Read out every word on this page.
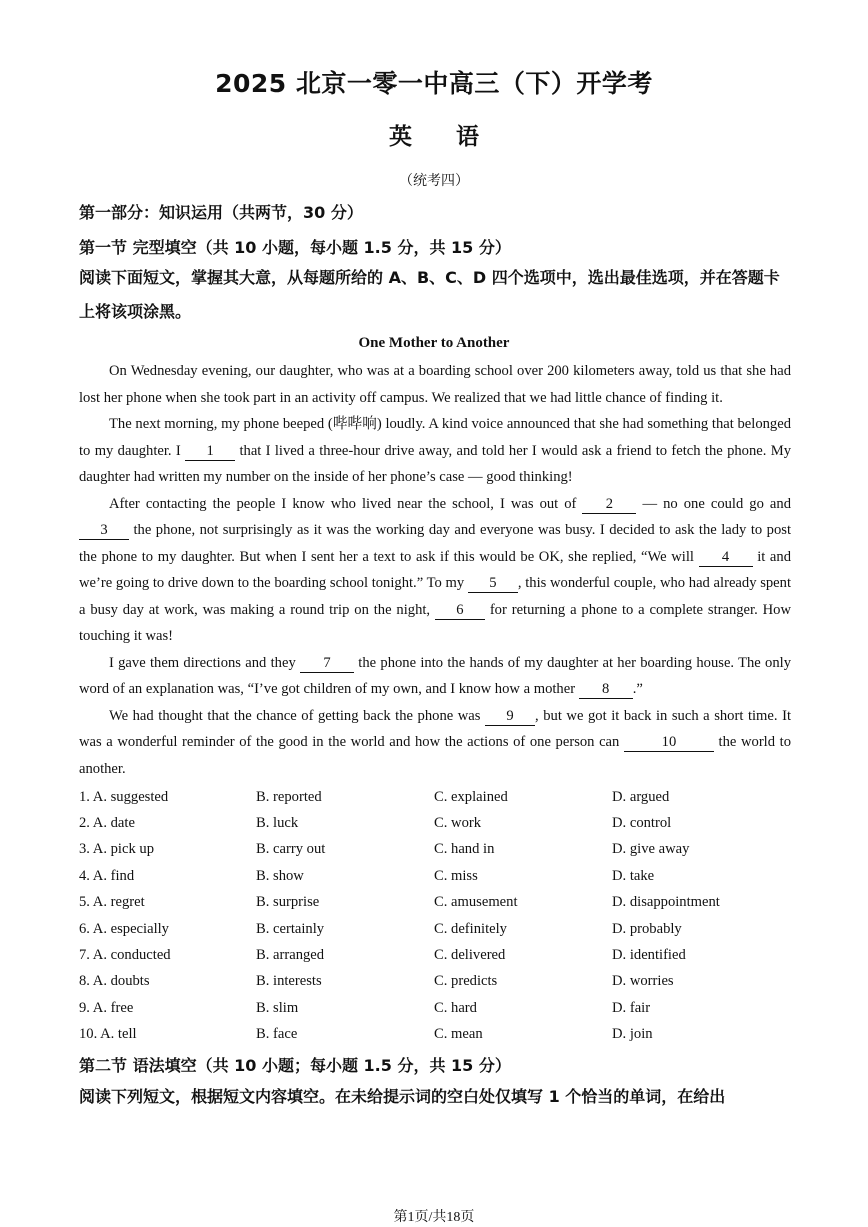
2025 北京一零一中高三（下）开学考
英 语
（统考四）
第一部分：知识运用（共两节，30 分）
第一节 完型填空（共 10 小题，每小题 1.5 分，共 15 分）
阅读下面短文，掌握其大意，从每题所给的 A、B、C、D 四个选项中，选出最佳选项，并在答题卡上将该项涂黑。
One Mother to Another

On Wednesday evening, our daughter, who was at a boarding school over 200 kilometers away, told us that she had lost her phone when she took part in an activity off campus. We realized that we had little chance of finding it.

The next morning, my phone beeped (哔哔响) loudly. A kind voice announced that she had something that belonged to my daughter. I 1 that I lived a three-hour drive away, and told her I would ask a friend to fetch the phone. My daughter had written my number on the inside of her phone’s case — good thinking!

After contacting the people I know who lived near the school, I was out of 2 — no one could go and 3 the phone, not surprisingly as it was the working day and everyone was busy. I decided to ask the lady to post the phone to my daughter. But when I sent her a text to ask if this would be OK, she replied, “We will 4 it and we’re going to drive down to the boarding school tonight.” To my 5 , this wonderful couple, who had already spent a busy day at work, was making a round trip on the night, 6 for returning a phone to a complete stranger. How touching it was!

I gave them directions and they 7 the phone into the hands of my daughter at her boarding house. The only word of an explanation was, “I’ve got children of my own, and I know how a mother 8 .”

We had thought that the chance of getting back the phone was 9 , but we got it back in such a short time. It was a wonderful reminder of the good in the world and how the actions of one person can	10	the world to another.

1. A. suggested	B. reported	C. explained	D. argued
2. A. date	B. luck	C. work	D. control
3. A. pick up	B. carry out	C. hand in	D. give away
4. A. find	B. show	C. miss	D. take
5. A. regret	B. surprise	C. amusement	D. disappointment
6. A. especially	B. certainly	C. definitely	D. probably
7. A. conducted	B. arranged	C. delivered	D. identified
8. A. doubts	B. interests	C. predicts	D. worries
9. A. free	B. slim	C. hard	D. fair
10. A. tell	B. face	C. mean	D. join
第二节 语法填空（共 10 小题；每小题 1.5 分，共 15 分）
阅读下列短文，根据短文内容填空。在未给提示词的空白处仅填写 1 个恰当的单词，在给出
第1页/共18页
